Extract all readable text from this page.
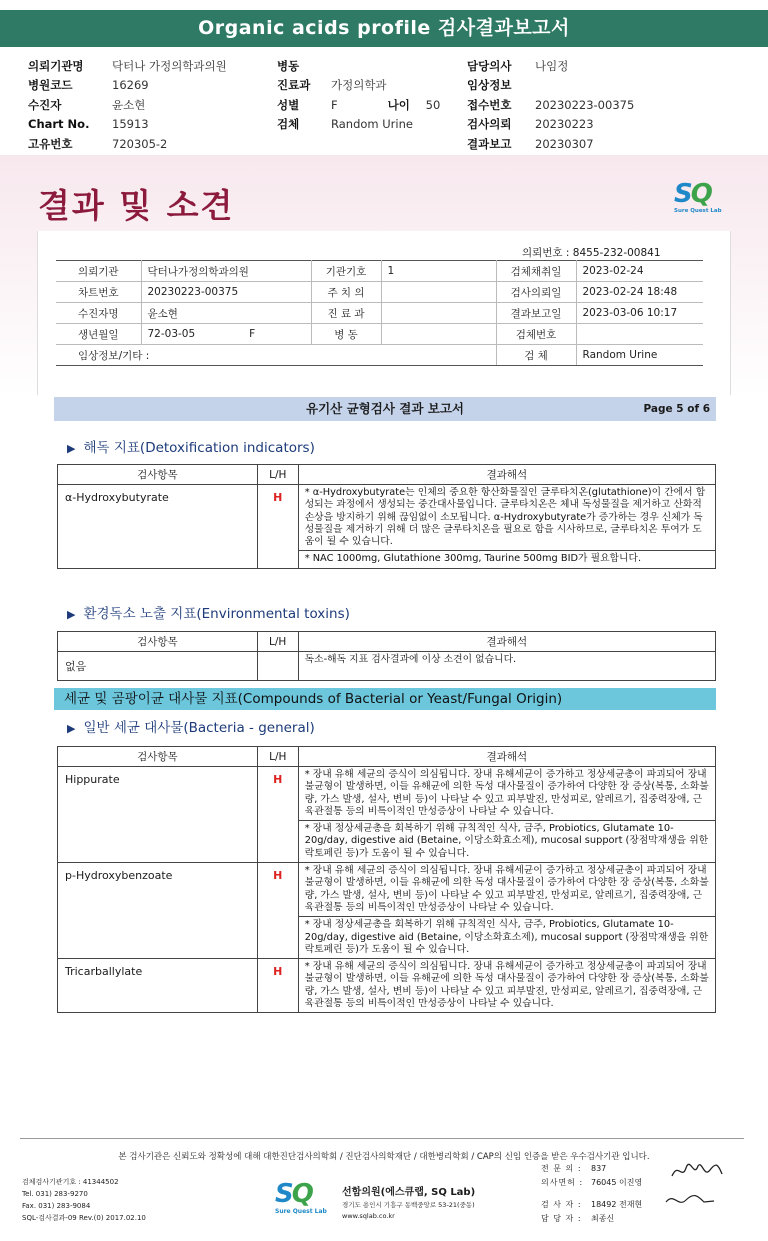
Organic acids profile 검사결과보고서
의뢰기관명	닥터나 가정의학과의원
병원코드	16269
수진자	윤소현
Chart No.	15913
고유번호	720305-2
병동
진료과	가정의학과
성별	F	나이	50
검체	Random Urine
담당의사	나임정
임상정보
접수번호	20230223-00375
검사의뢰	20230223
결과보고	20230307
결과 및 소견	SQ
Sure Quest Lab
의뢰번호 : 8455-232-00841
의뢰기관	닥터나가정의학과의원	기관기호	1	검체채취일	2023-02-24
차트번호	20230223-00375	주 치 의		검사의뢰일	2023-02-24 18:48
수진자명	윤소현	진 료 과		결과보고일	2023-03-06 10:17
생년월일	72-03-05 F	병 동		검체번호	
임상정보/기타 :				검 체	Random Urine
유기산 균형검사 결과 보고서	Page 5 of 6
▶ 해독 지표(Detoxification indicators)
검사항목	L/H	결과해석
α-Hydroxybutyrate	H	* α-Hydroxybutyrate는 인체의 중요한 항산화물질인 글루타치온(glutathione)이 간에서 합성되는 과정에서 생성되는 중간대사물입니다. 글루타치온은 체내 독성물질을 제거하고 산화적 손상을 방지하기 위해 끊임없이 소모됩니다. α-Hydroxybutyrate가 증가하는 경우 신체가 독성물질을 제거하기 위해 더 많은 글루타치온을 필요로 함을 시사하므로, 글루타치온 투여가 도움이 될 수 있습니다.
* NAC 1000mg, Glutathione 300mg, Taurine 500mg BID가 필요합니다.
▶ 환경독소 노출 지표(Environmental toxins)
검사항목	L/H	결과해석
없음		독소-해독 지표 검사결과에 이상 소견이 없습니다.
세균 및 곰팡이균 대사물 지표(Compounds of Bacterial or Yeast/Fungal Origin)
▶ 일반 세균 대사물(Bacteria - general)
검사항목	L/H	결과해석
Hippurate	H	* 장내 유해 세균의 증식이 의심됩니다. 장내 유해세균이 증가하고 정상세균총이 파괴되어 장내 불균형이 발생하면, 이들 유해균에 의한 독성 대사물질이 증가하여 다양한 장 증상(복통, 소화불량, 가스 발생, 설사, 변비 등)이 나타날 수 있고 피부발진, 만성피로, 알레르기, 집중력장애, 근육관절통 등의 비특이적인 만성증상이 나타날 수 있습니다.
* 장내 정상세균총을 회복하기 위해 규칙적인 식사, 금주, Probiotics, Glutamate 10-20g/day, digestive aid (Betaine, 이당소화효소제), mucosal support (장점막재생을 위한 락토페린 등)가 도움이 될 수 있습니다.

p-Hydroxybenzoate	H	* 장내 유해 세균의 증식이 의심됩니다. 장내 유해세균이 증가하고 정상세균총이 파괴되어 장내 불균형이 발생하면, 이들 유해균에 의한 독성 대사물질이 증가하여 다양한 장 증상(복통, 소화불량, 가스 발생, 설사, 변비 등)이 나타날 수 있고 피부발진, 만성피로, 알레르기, 집중력장애, 근육관절통 등의 비특이적인 만성증상이 나타날 수 있습니다.
* 장내 정상세균총을 회복하기 위해 규칙적인 식사, 금주, Probiotics, Glutamate 10-20g/day, digestive aid (Betaine, 이당소화효소제), mucosal support (장점막재생을 위한 락토페린 등)가 도움이 될 수 있습니다.

Tricarballylate	H	* 장내 유해 세균의 증식이 의심됩니다. 장내 유해세균이 증가하고 정상세균총이 파괴되어 장내 불균형이 발생하면, 이들 유해균에 의한 독성 대사물질이 증가하여 다양한 장 증상(복통, 소화불량, 가스 발생, 설사, 변비 등)이 나타날 수 있고 피부발진, 만성피로, 알레르기, 집중력장애, 근육관절통 등의 비특이적인 만성증상이 나타날 수 있습니다.
본 검사기관은 신뢰도와 정확성에 대해 대한진단검사의학회 / 진단검사의학재단 / 대한병리학회 / CAP의 신임 인증을 받은 우수검사기관 입니다.
검체검사기관기호 : 41344502
Tel. 031) 283-9270
Fax. 031) 283-9084
SQL-검사결과-09 Rev.(0) 2017.02.10
SQ
Sure Quest Lab
선함의원(에스큐랩, SQ Lab)
경기도 용인시 기흥구 동백중앙로 53-21(중동)
www.sqlab.co.kr
전 문 의 :	837
의사면허 : 76045 이진영
검 사 자 :	18492 전재현
담 당 자 :	최종신
